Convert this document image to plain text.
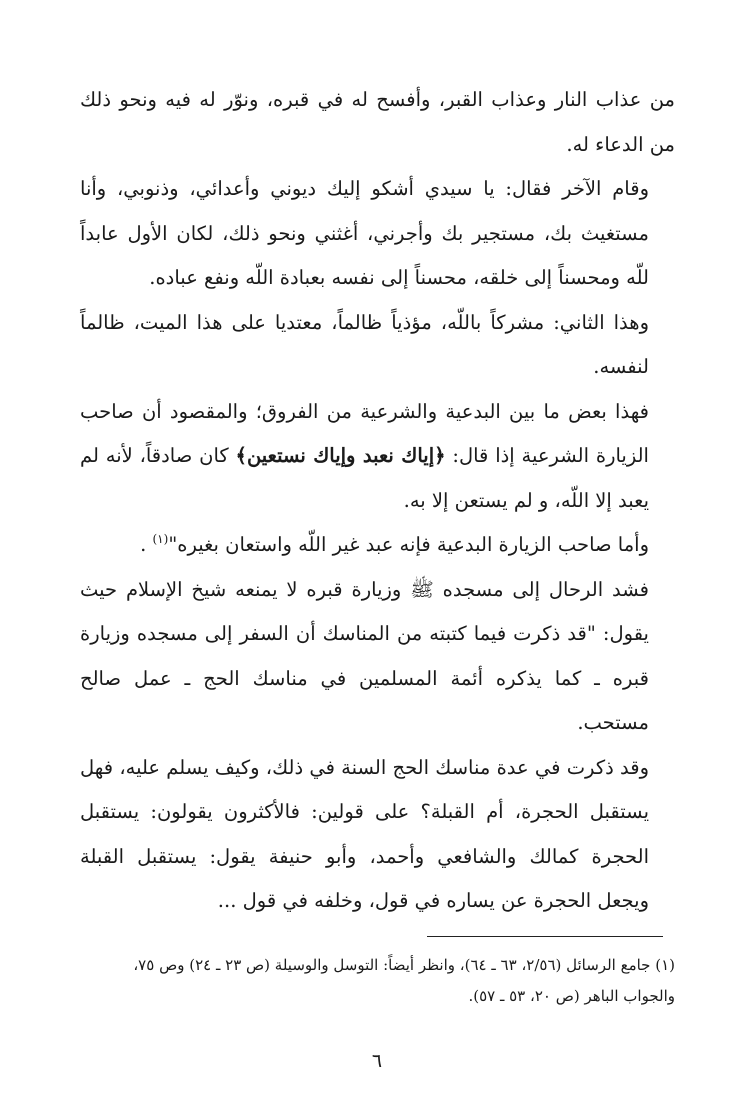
من عذاب النار وعذاب القبر، وأفسح له في قبره، ونوّر له فيه ونحو ذلك من الدعاء له.

وقام الآخر فقال: يا سيدي أشكو إليك ديوني وأعدائي، وذنوبي، وأنا مستغيث بك، مستجير بك وأجرني، أغثني ونحو ذلك، لكان الأول عابداً للّه ومحسناً إلى خلقه، محسناً إلى نفسه بعبادة اللّه ونفع عباده.

وهذا الثاني: مشركاً باللّه، مؤذياً ظالماً، معتديا على هذا الميت، ظالماً لنفسه.

فهذا بعض ما بين البدعية والشرعية من الفروق؛ والمقصود أن صاحب الزيارة الشرعية إذا قال: ﴿إياك نعبد وإياك نستعين﴾ كان صادقاً، لأنه لم يعبد إلا اللّه، و لم يستعن إلا به.

وأما صاحب الزيارة البدعية فإنه عبد غير اللّه واستعان بغيره"$^{(١)}$ .

فشد الرحال إلى مسجده ﷺ وزيارة قبره لا يمنعه شيخ الإسلام حيث يقول: "قد ذكرت فيما كتبته من المناسك أن السفر إلى مسجده وزيارة قبره ـ كما يذكره أئمة المسلمين في مناسك الحج ـ عمل صالح مستحب.

وقد ذكرت في عدة مناسك الحج السنة في ذلك، وكيف يسلم عليه، فهل يستقبل الحجرة، أم القبلة؟ على قولين: فالأكثرون يقولون: يستقبل الحجرة كمالك والشافعي وأحمد، وأبو حنيفة يقول: يستقبل القبلة ويجعل الحجرة عن يساره في قول، وخلفه في قول ...

(١) جامع الرسائل (٢/٥٦، ٦٣ ـ ٦٤)، وانظر أيضاً: التوسل والوسيلة (ص ٢٣ ـ ٢٤) وص ٧٥،

والجواب الباهر (ص ٢٠، ٥٣ ـ ٥٧).

٦
